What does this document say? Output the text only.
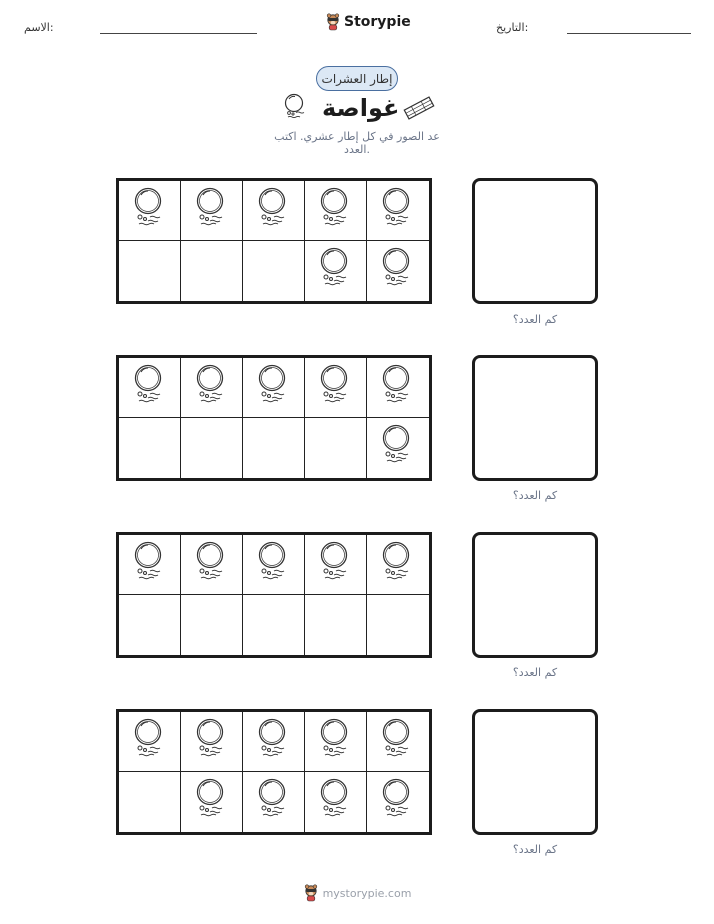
الاسم:	Storypie	التاريخ:
إطار العشرات
غواصة
عد الصور في كل إطار عشري. اكتب العدد.
كم العدد؟
كم العدد؟
كم العدد؟
كم العدد؟
mystorypie.com
